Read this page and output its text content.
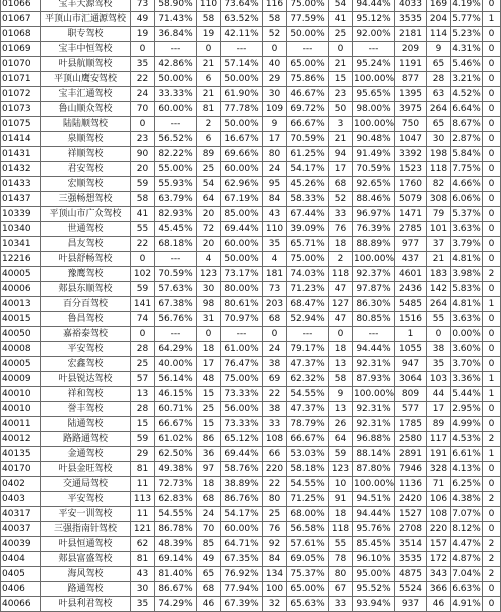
01066	宝丰天源驾校	73	58.90%	110	73.64%	116	75.00%	54	94.44%	4033	169	4.19%	0
01067	平顶山市汇通源驾校	49	71.43%	58	63.52%	58	77.59%	41	95.12%	3535	204	5.77%	1
01068	职专驾校	19	36.84%	19	42.11%	52	50.00%	25	92.00%	2181	114	5.23%	0
01069	宝丰中恒驾校	0	---	0	---	0	---	0	---	209	9	4.31%	0
01070	叶县航顺驾校	35	42.86%	21	57.14%	40	65.00%	21	95.24%	1191	65	5.46%	0
01071	平顶山鹰安驾校	22	50.00%	6	50.00%	29	75.86%	15	100.00%	877	28	3.21%	0
01072	宝丰汇通驾校	24	33.33%	21	61.90%	30	46.67%	23	95.65%	1395	63	4.52%	0
01073	鲁山顺众驾校	70	60.00%	81	77.78%	109	69.72%	50	98.00%	3975	264	6.64%	0
01075	陆陆顺驾校	0	---	2	50.00%	9	66.67%	3	100.00%	750	65	8.67%	0
01414	泉顺驾校	23	56.52%	6	16.67%	17	70.59%	21	90.48%	1047	30	2.87%	0
01431	祥顺驾校	90	82.22%	89	69.66%	80	61.25%	94	91.49%	3392	198	5.84%	0
01432	君安驾校	20	55.00%	25	60.00%	24	54.17%	17	70.59%	1523	118	7.75%	0
01433	宏顺驾校	59	55.93%	54	62.96%	95	45.26%	68	92.65%	1760	82	4.66%	0
01437	三强畅想驾校	58	63.79%	64	67.19%	84	58.33%	52	88.46%	5079	308	6.06%	0
10339	平顶山市广众驾校	41	82.93%	20	85.00%	43	67.44%	33	96.97%	1471	79	5.37%	0
10340	世通驾校	55	45.45%	72	69.44%	110	39.09%	76	76.39%	2785	101	3.63%	0
10341	昌友驾校	22	68.18%	20	60.00%	35	65.71%	18	88.89%	977	37	3.79%	0
12216	叶县舒畅驾校	0	---	4	50.00%	4	75.00%	2	100.00%	437	21	4.81%	0
40005	豫鹰驾校	102	70.59%	123	73.17%	181	74.03%	118	92.37%	4601	183	3.98%	2
40006	郏县东顺驾校	59	57.63%	30	80.00%	73	71.23%	47	97.87%	2436	142	5.83%	0
40013	百分百驾校	141	67.38%	98	80.61%	203	68.47%	127	86.30%	5485	264	4.81%	1
40015	鲁昌驾校	74	56.76%	31	70.97%	68	52.94%	47	80.85%	1516	55	3.63%	0
40050	嘉裕泰驾校	0	---	0	---	0	---	0	---	1	0	0.00%	0
40008	平安驾校	28	64.29%	18	61.00%	24	79.17%	18	94.44%	1055	38	3.60%	0
40005	宏鑫驾校	25	40.00%	17	76.47%	38	47.37%	13	92.31%	947	35	3.70%	0
40009	叶县锐达驾校	57	56.14%	48	75.00%	69	62.32%	58	87.93%	3064	103	3.36%	1
40010	祥和驾校	13	46.15%	15	73.33%	22	54.55%	9	100.00%	809	44	5.44%	1
40010	誉丰驾校	28	60.71%	25	56.00%	38	47.37%	13	92.31%	577	17	2.95%	0
40011	陆通驾校	15	66.67%	15	73.33%	33	78.79%	26	92.31%	1785	89	4.99%	0
40012	路路通驾校	59	61.02%	86	65.12%	108	66.67%	64	96.88%	2580	117	4.53%	2
40135	金通驾校	29	62.50%	36	69.44%	66	53.03%	59	88.14%	2891	191	6.61%	1
40170	叶县金旺驾校	81	49.38%	97	58.76%	220	58.18%	123	87.80%	7946	328	4.13%	0
0402	交通局驾校	11	72.73%	18	38.89%	22	54.55%	10	100.00%	1136	71	6.25%	0
0403	平安驾校	113	62.83%	68	86.76%	80	71.25%	91	94.51%	2420	106	4.38%	2
40317	平安一训驾校	11	54.55%	24	54.17%	25	68.00%	18	94.44%	1527	108	7.07%	0
40037	三强指南针驾校	121	86.78%	70	60.00%	76	56.58%	118	95.76%	2708	220	8.12%	0
40039	叶县恒通驾校	62	48.39%	85	64.71%	92	57.61%	55	85.45%	3514	157	4.47%	2
0404	郏县富盛驾校	81	69.14%	49	67.35%	84	69.05%	78	96.10%	3535	172	4.87%	2
0405	海风驾校	43	81.40%	65	76.92%	134	75.37%	80	95.00%	4875	343	7.04%	2
0406	路通驾校	30	86.67%	68	77.94%	100	65.00%	67	95.52%	5524	366	6.63%	0
40066	叶县利君驾校	35	74.29%	46	67.39%	32	65.63%	33	93.94%	937	46	4.91%	0
